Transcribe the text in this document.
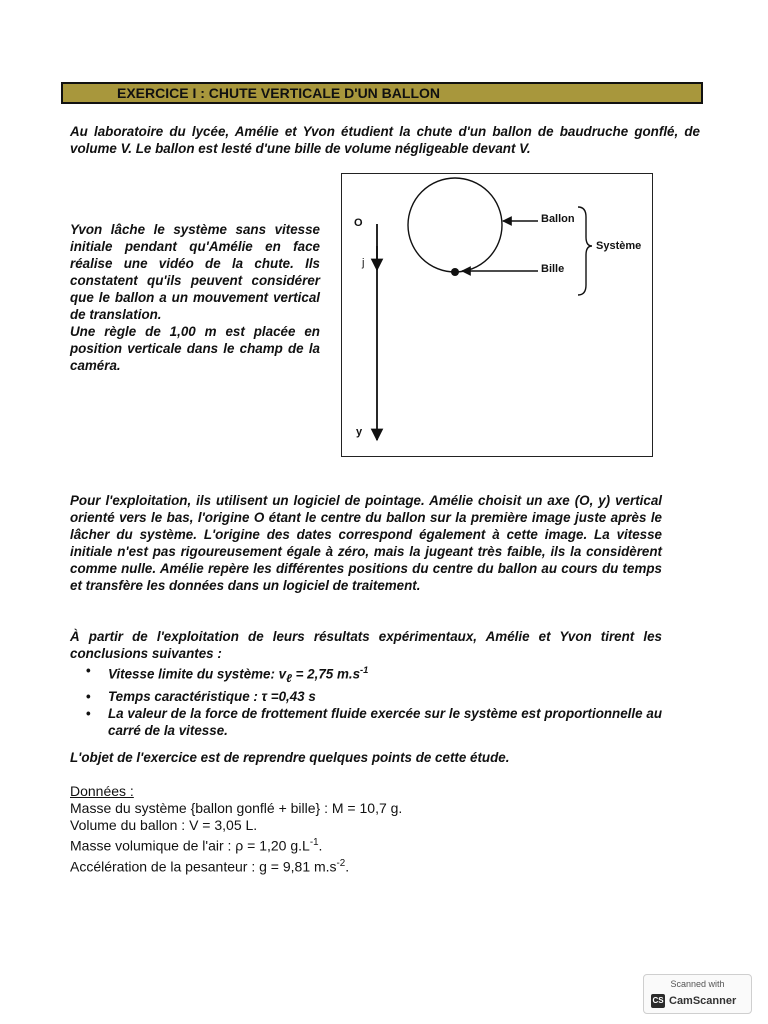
EXERCICE I : CHUTE VERTICALE D'UN BALLON

Au laboratoire du lycée, Amélie et Yvon étudient la chute d'un ballon de baudruche gonflé, de volume V. Le ballon est lesté d'une bille de volume négligeable devant V.

Yvon lâche le système sans vitesse initiale pendant qu'Amélie en face réalise une vidéo de la chute. Ils constatent qu'ils peuvent considérer que le ballon a un mouvement vertical de translation.

Une règle de 1,00 m est placée en position verticale dans le champ de la caméra.

O
j
y
Ballon
Bille
Système

Pour l'exploitation, ils utilisent un logiciel de pointage. Amélie choisit un axe (O, y) vertical orienté vers le bas, l'origine O étant le centre du ballon sur la première image juste après le lâcher du système. L'origine des dates correspond également à cette image. La vitesse initiale n'est pas rigoureusement égale à zéro, mais la jugeant très faible, ils la considèrent comme nulle. Amélie repère les différentes positions du centre du ballon au cours du temps et transfère les données dans un logiciel de traitement.

À partir de l'exploitation de leurs résultats expérimentaux, Amélie et Yvon tirent les conclusions suivantes :

• Vitesse limite du système: $v_\ell = 2,75$ $m.s^{-1}$
• Temps caractéristique : τ =0,43 s
• La valeur de la force de frottement fluide exercée sur le système est proportionnelle au carré de la vitesse.

L'objet de l'exercice est de reprendre quelques points de cette étude.

Données :

Masse du système {ballon gonflé + bille} : M = 10,7 g.
Volume du ballon : V = 3,05 L.
Masse volumique de l'air : ρ = 1,20 $g.L^{-1}$.
Accélération de la pesanteur : g = 9,81 $m.s^{-2}$.
Scanned with
CS CamScanner
